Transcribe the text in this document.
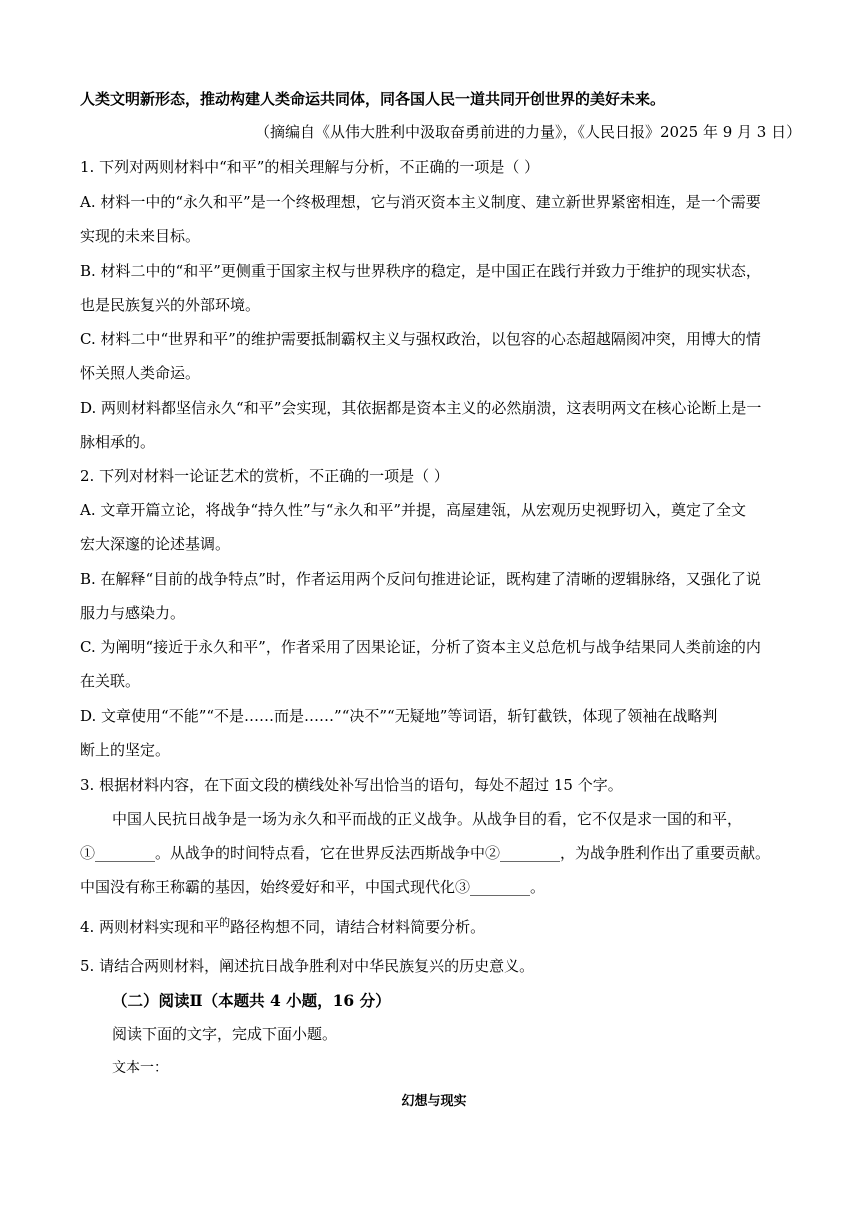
人类文明新形态，推动构建人类命运共同体，同各国人民一道共同开创世界的美好未来。
（摘编自《从伟大胜利中汲取奋勇前进的力量》，《人民日报》2025 年 9 月 3 日）
1. 下列对两则材料中“和平”的相关理解与分析，不正确的一项是（ ）
A. 材料一中的“永久和平”是一个终极理想，它与消灭资本主义制度、建立新世界紧密相连，是一个需要
实现的未来目标。
B. 材料二中的“和平”更侧重于国家主权与世界秩序的稳定，是中国正在践行并致力于维护的现实状态，
也是民族复兴的外部环境。
C. 材料二中“世界和平”的维护需要抵制霸权主义与强权政治，以包容的心态超越隔阂冲突，用博大的情
怀关照人类命运。
D. 两则材料都坚信永久“和平”会实现，其依据都是资本主义的必然崩溃，这表明两文在核心论断上是一
脉相承的。
2. 下列对材料一论证艺术的赏析，不正确的一项是（ ）
A. 文章开篇立论，将战争“持久性”与“永久和平”并提，高屋建瓴，从宏观历史视野切入，奠定了全文
宏大深邃的论述基调。
B. 在解释“目前的战争特点”时，作者运用两个反问句推进论证，既构建了清晰的逻辑脉络，又强化了说
服力与感染力。
C. 为阐明“接近于永久和平”，作者采用了因果论证，分析了资本主义总危机与战争结果同人类前途的内
在关联。
D. 文章使用“不能”“不是……而是……”“决不”“无疑地”等词语，斩钉截铁，体现了领袖在战略判
断上的坚定。
3. 根据材料内容，在下面文段的横线处补写出恰当的语句，每处不超过 15 个字。
中国人民抗日战争是一场为永久和平而战的正义战争。从战争目的看，它不仅是求一国的和平，
①________。从战争的时间特点看，它在世界反法西斯战争中②________，为战争胜利作出了重要贡献。
中国没有称王称霸的基因，始终爱好和平，中国式现代化③________。
4. 两则材料实现和平$^的$路径构想不同，请结合材料简要分析。
5. 请结合两则材料，阐述抗日战争胜利对中华民族复兴的历史意义。
（二）阅读Ⅱ（本题共 4 小题，16 分）
阅读下面的文字，完成下面小题。
文本一：
幻想与现实
